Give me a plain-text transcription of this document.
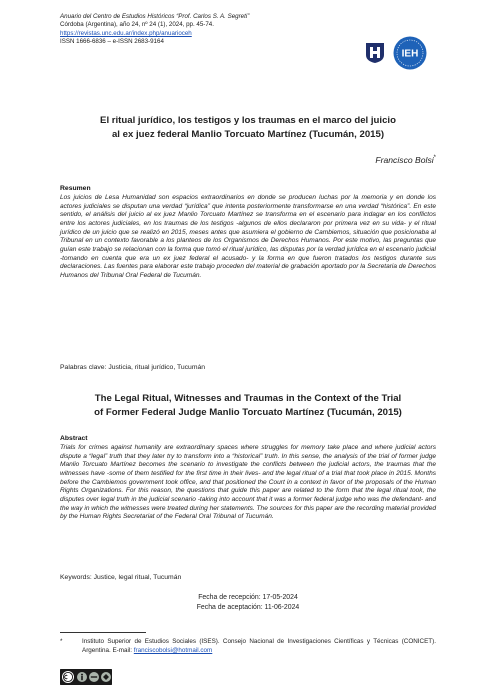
Anuario del Centro de Estudios Históricos “Prof. Carlos S. A. Segreti”
Córdoba (Argentina), año 24, nº 24 (1), 2024, pp. 45-74.
https://revistas.unc.edu.ar/index.php/anuarioceh
ISSN 1666-6836 – e-ISSN 2683-9164
IEH
El ritual jurídico, los testigos y los traumas en el marco del juicio
al ex juez federal Manlio Torcuato Martínez (Tucumán, 2015)
Francisco Bolsi*
Resumen
Los juicios de Lesa Humanidad son espacios extraordinarios en donde se producen luchas por la memoria y en donde los actores judiciales se disputan una verdad “jurídica” que intenta posteriormente transformarse en una verdad “histórica”. En este sentido, el análisis del juicio al ex juez Manlio Torcuato Martínez se transforma en el escenario para indagar en los conflictos entre los actores judiciales, en los traumas de los testigos -algunos de ellos declararon por primera vez en su vida- y el ritual jurídico de un juicio que se realizó en 2015, meses antes que asumiera el gobierno de Cambiemos, situación que posicionaba al Tribunal en un contexto favorable a los planteos de los Organismos de Derechos Humanos. Por este motivo, las preguntas que guían este trabajo se relacionan con la forma que tomó el ritual jurídico, las disputas por la verdad jurídica en el escenario judicial -tomando en cuenta que era un ex juez federal el acusado- y la forma en que fueron tratados los testigos durante sus declaraciones. Las fuentes para elaborar este trabajo proceden del material de grabación aportado por la Secretaria de Derechos Humanos del Tribunal Oral Federal de Tucumán.
Palabras clave: Justicia, ritual jurídico, Tucumán
The Legal Ritual, Witnesses and Traumas in the Context of the Trial
of Former Federal Judge Manlio Torcuato Martínez (Tucumán, 2015)
Abstract
Trials for crimes against humanity are extraordinary spaces where struggles for memory take place and where judicial actors dispute a “legal” truth that they later try to transform into a “historical” truth. In this sense, the analysis of the trial of former judge Manlio Torcuato Martínez becomes the scenario to investigate the conflicts between the judicial actors, the traumas that the witnesses have -some of them testified for the first time in their lives- and the legal ritual of a trial that took place in 2015. Months before the Cambiemos government took office, and that positioned the Court in a context in favor of the proposals of the Human Rights Organizations. For this reason, the questions that guide this paper are related to the form that the legal ritual took, the disputes over legal truth in the judicial scenario -taking into account that it was a former federal judge who was the defendant- and the way in which the witnesses were treated during her statements. The sources for this paper are the recording material provided by the Human Rights Secretariat of the Federal Oral Tribunal of Tucumán.
Keywords: Justice, legal ritual, Tucumán
Fecha de recepción: 17-05-2024
Fecha de aceptación: 11-06-2024
*	Instituto Superior de Estudios Sociales (ISES). Consejo Nacional de Investigaciones Científicas y Técnicas (CONICET). Argentina. E-mail: franciscobolsi@hotmail.com
